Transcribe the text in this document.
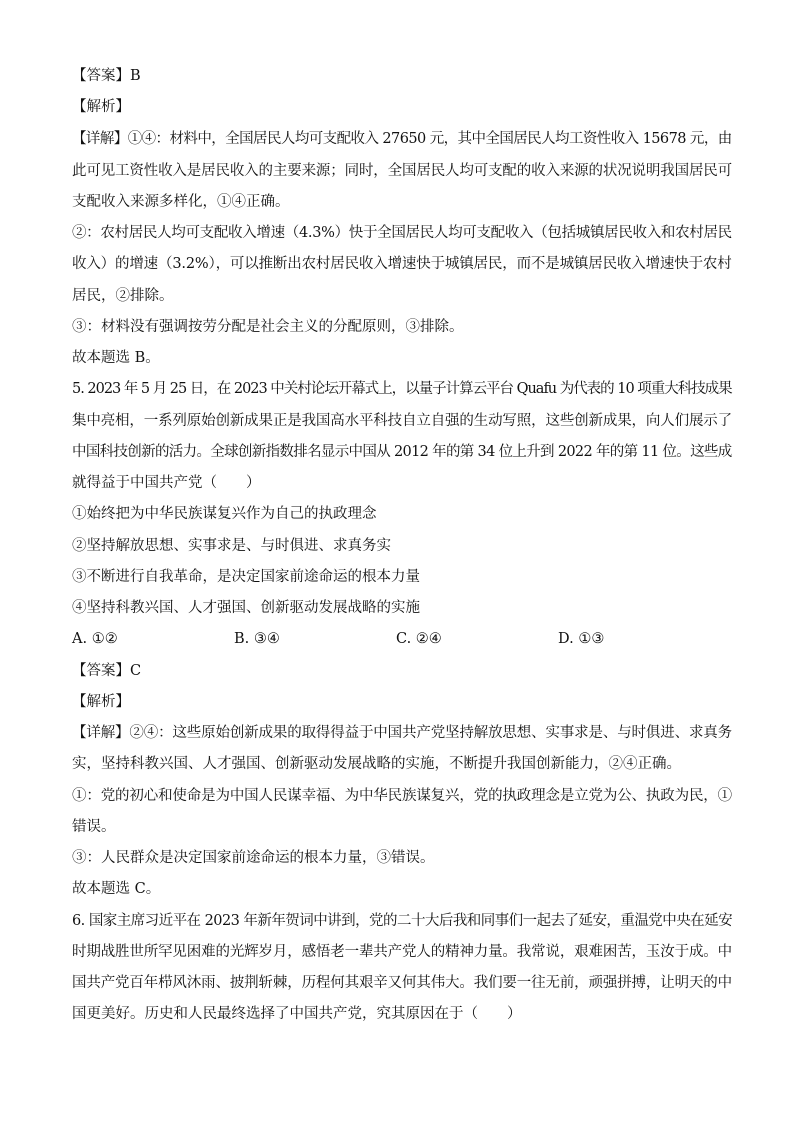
【答案】B
【解析】
【详解】①④：材料中，全国居民人均可支配收入 27650 元，其中全国居民人均工资性收入 15678 元，由
此可见工资性收入是居民收入的主要来源；同时，全国居民人均可支配的收入来源的状况说明我国居民可
支配收入来源多样化，①④正确。
②：农村居民人均可支配收入增速（4.3%）快于全国居民人均可支配收入（包括城镇居民收入和农村居民
收入）的增速（3.2%），可以推断出农村居民收入增速快于城镇居民，而不是城镇居民收入增速快于农村
居民，②排除。
③：材料没有强调按劳分配是社会主义的分配原则，③排除。
故本题选 B。
5. 2023 年 5 月 25 日，在 2023 中关村论坛开幕式上，以量子计算云平台 Quafu 为代表的 10 项重大科技成果
集中亮相，一系列原始创新成果正是我国高水平科技自立自强的生动写照，这些创新成果，向人们展示了
中国科技创新的活力。全球创新指数排名显示中国从 2012 年的第 34 位上升到 2022 年的第 11 位。这些成
就得益于中国共产党（　　）
①始终把为中华民族谋复兴作为自己的执政理念
②坚持解放思想、实事求是、与时俱进、求真务实
③不断进行自我革命，是决定国家前途命运的根本力量
④坚持科教兴国、人才强国、创新驱动发展战略的实施
A. ①②	B. ③④	C. ②④	D. ①③
【答案】C
【解析】
【详解】②④：这些原始创新成果的取得得益于中国共产党坚持解放思想、实事求是、与时俱进、求真务
实，坚持科教兴国、人才强国、创新驱动发展战略的实施，不断提升我国创新能力，②④正确。
①：党的初心和使命是为中国人民谋幸福、为中华民族谋复兴，党的执政理念是立党为公、执政为民，①
错误。
③：人民群众是决定国家前途命运的根本力量，③错误。
故本题选 C。
6. 国家主席习近平在 2023 年新年贺词中讲到，党的二十大后我和同事们一起去了延安，重温党中央在延安
时期战胜世所罕见困难的光辉岁月，感悟老一辈共产党人的精神力量。我常说，艰难困苦，玉汝于成。中
国共产党百年栉风沐雨、披荆斩棘，历程何其艰辛又何其伟大。我们要一往无前，顽强拼搏，让明天的中
国更美好。历史和人民最终选择了中国共产党，究其原因在于（　　）
